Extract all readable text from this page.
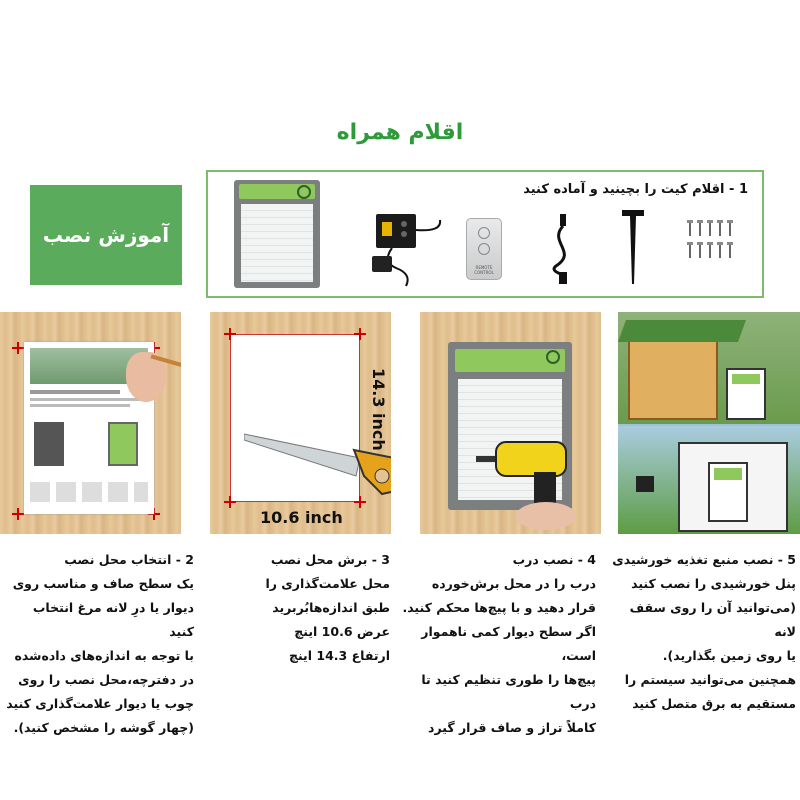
اقلام همراه
آموزش نصب
1 - اقلام کیت را بچینید و آماده کنید
REMOTE CONTROL
14.3 inch
10.6 inch
2 - انتخاب محل نصب
یک سطح صاف و مناسب روی
دیوار یا درِ لانه مرغ انتخاب کنید
با توجه به اندازه‌های داده‌شده
در دفترچه،محل نصب را روی
چوب یا دیوار علامت‌گذاری کنید
(چهار گوشه را مشخص کنید).
3 - برش محل نصب
محل علامت‌گذاری را
طبق اندازه‌هابُربرید
عرض 10.6 اینچ
ارتفاع 14.3 اینچ
4 - نصب درب
درب را در محل برش‌خورده
قرار دهید و با پیچ‌ها محکم کنید.
اگر سطح دیوار کمی ناهموار است،
پیچ‌ها را طوری تنظیم کنید تا درب
کاملاً تراز و صاف قرار گیرد
5 - نصب منبع تغذیه خورشیدی
پنل خورشیدی را نصب کنید
(می‌توانید آن را روی سقف لانه
یا روی زمین بگذارید).
همچنین می‌توانید سیستم را
مستقیم به برق متصل کنید
